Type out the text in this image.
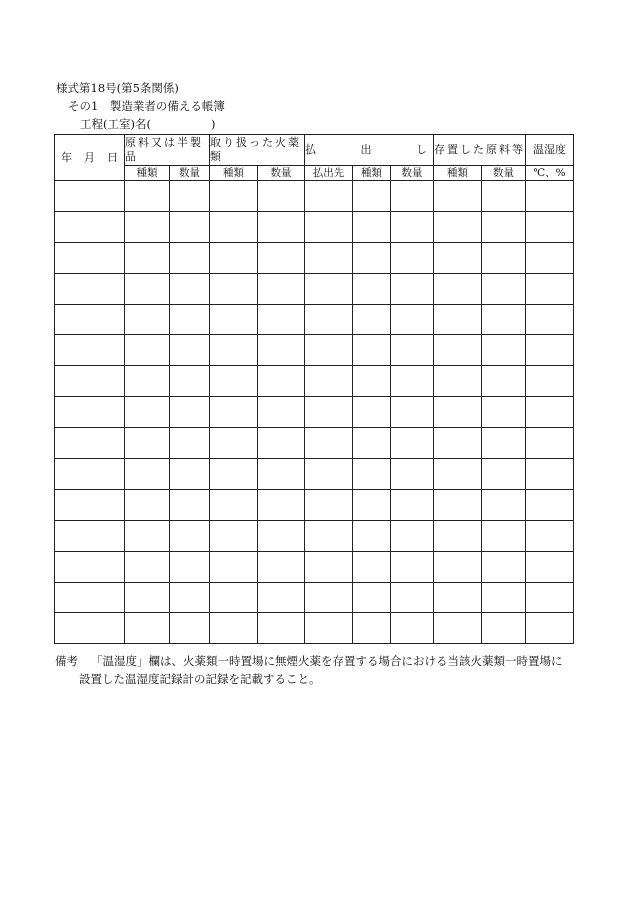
様式第18号(第5条関係)
その1　製造業者の備える帳簿
工程(工室)名(	)
年 月 日	原料又は半製品		取り扱った火薬類		払 出 し			存置した原料等		温湿度
	種類	数量	種類	数量	払出先	種類	数量	種類	数量	℃、%

備考 「温湿度」欄は、火薬類一時置場に無煙火薬を存置する場合における当該火薬類一時置場に
設置した温湿度記録計の記録を記載すること。
